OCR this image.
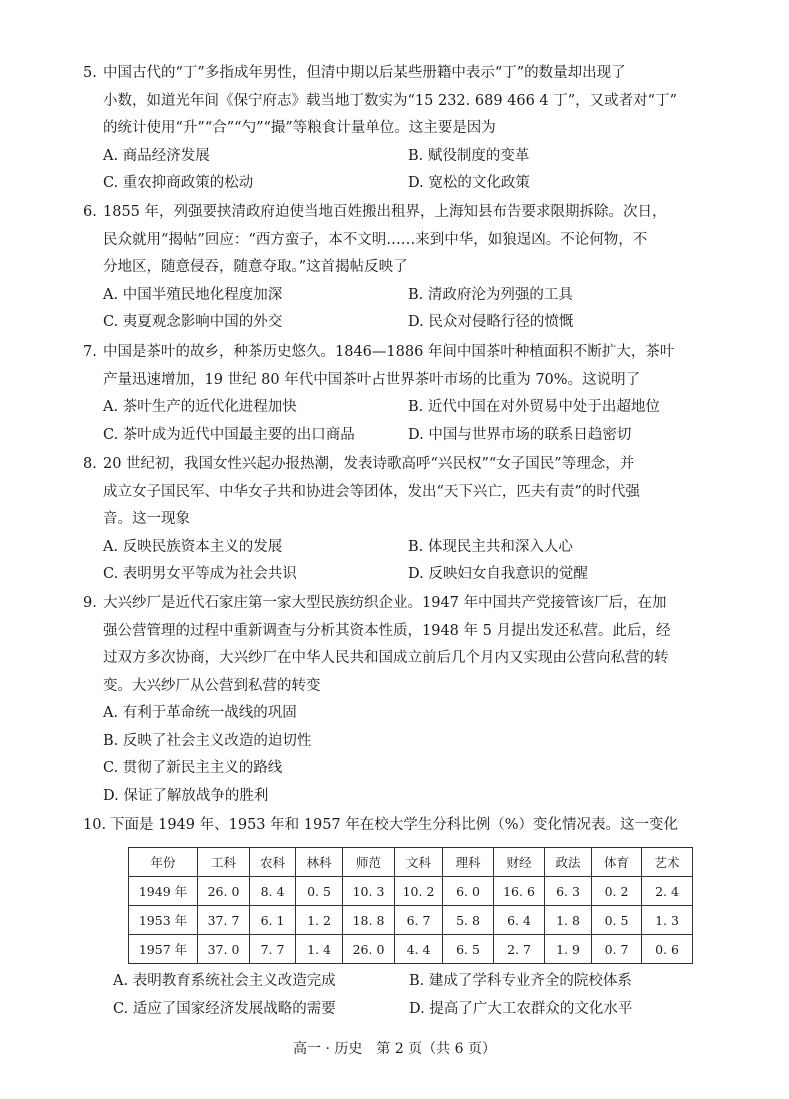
5. 中国古代的“丁”多指成年男性，但清中期以后某些册籍中表示“丁”的数量却出现了
小数，如道光年间《保宁府志》载当地丁数实为“15 232. 689 466 4 丁”，又或者对“丁”
的统计使用“升”“合”“勺”“撮”等粮食计量单位。这主要是因为
A. 商品经济发展	B. 赋役制度的变革
C. 重农抑商政策的松动	D. 宽松的文化政策
6. 1855 年，列强要挟清政府迫使当地百姓搬出租界，上海知县布告要求限期拆除。次日，
民众就用“揭帖”回应：“西方蛮子，本不文明……来到中华，如狼逞凶。不论何物，不
分地区，随意侵吞，随意夺取。”这首揭帖反映了
A. 中国半殖民地化程度加深	B. 清政府沦为列强的工具
C. 夷夏观念影响中国的外交	D. 民众对侵略行径的愤慨
7. 中国是茶叶的故乡，种茶历史悠久。1846—1886 年间中国茶叶种植面积不断扩大，茶叶
产量迅速增加，19 世纪 80 年代中国茶叶占世界茶叶市场的比重为 70%。这说明了
A. 茶叶生产的近代化进程加快	B. 近代中国在对外贸易中处于出超地位
C. 茶叶成为近代中国最主要的出口商品	D. 中国与世界市场的联系日趋密切
8. 20 世纪初，我国女性兴起办报热潮，发表诗歌高呼“兴民权”“女子国民”等理念，并
成立女子国民军、中华女子共和协进会等团体，发出“天下兴亡，匹夫有责”的时代强
音。这一现象
A. 反映民族资本主义的发展	B. 体现民主共和深入人心
C. 表明男女平等成为社会共识	D. 反映妇女自我意识的觉醒
9. 大兴纱厂是近代石家庄第一家大型民族纺织企业。1947 年中国共产党接管该厂后，在加
强公营管理的过程中重新调查与分析其资本性质，1948 年 5 月提出发还私营。此后，经
过双方多次协商，大兴纱厂在中华人民共和国成立前后几个月内又实现由公营向私营的转
变。大兴纱厂从公营到私营的转变
A. 有利于革命统一战线的巩固
B. 反映了社会主义改造的迫切性
C. 贯彻了新民主主义的路线
D. 保证了解放战争的胜利
10. 下面是 1949 年、1953 年和 1957 年在校大学生分科比例（%）变化情况表。这一变化
年份	工科	农科	林科	师范	文科	理科	财经	政法	体育	艺术
1949 年	26. 0	8. 4	0. 5	10. 3	10. 2	6. 0	16. 6	6. 3	0. 2	2. 4
1953 年	37. 7	6. 1	1. 2	18. 8	6. 7	5. 8	6. 4	1. 8	0. 5	1. 3
1957 年	37. 0	7. 7	1. 4	26. 0	4. 4	6. 5	2. 7	1. 9	0. 7	0. 6
A. 表明教育系统社会主义改造完成	B. 建成了学科专业齐全的院校体系
C. 适应了国家经济发展战略的需要	D. 提高了广大工农群众的文化水平
高一 · 历史　第 2 页（共 6 页）
